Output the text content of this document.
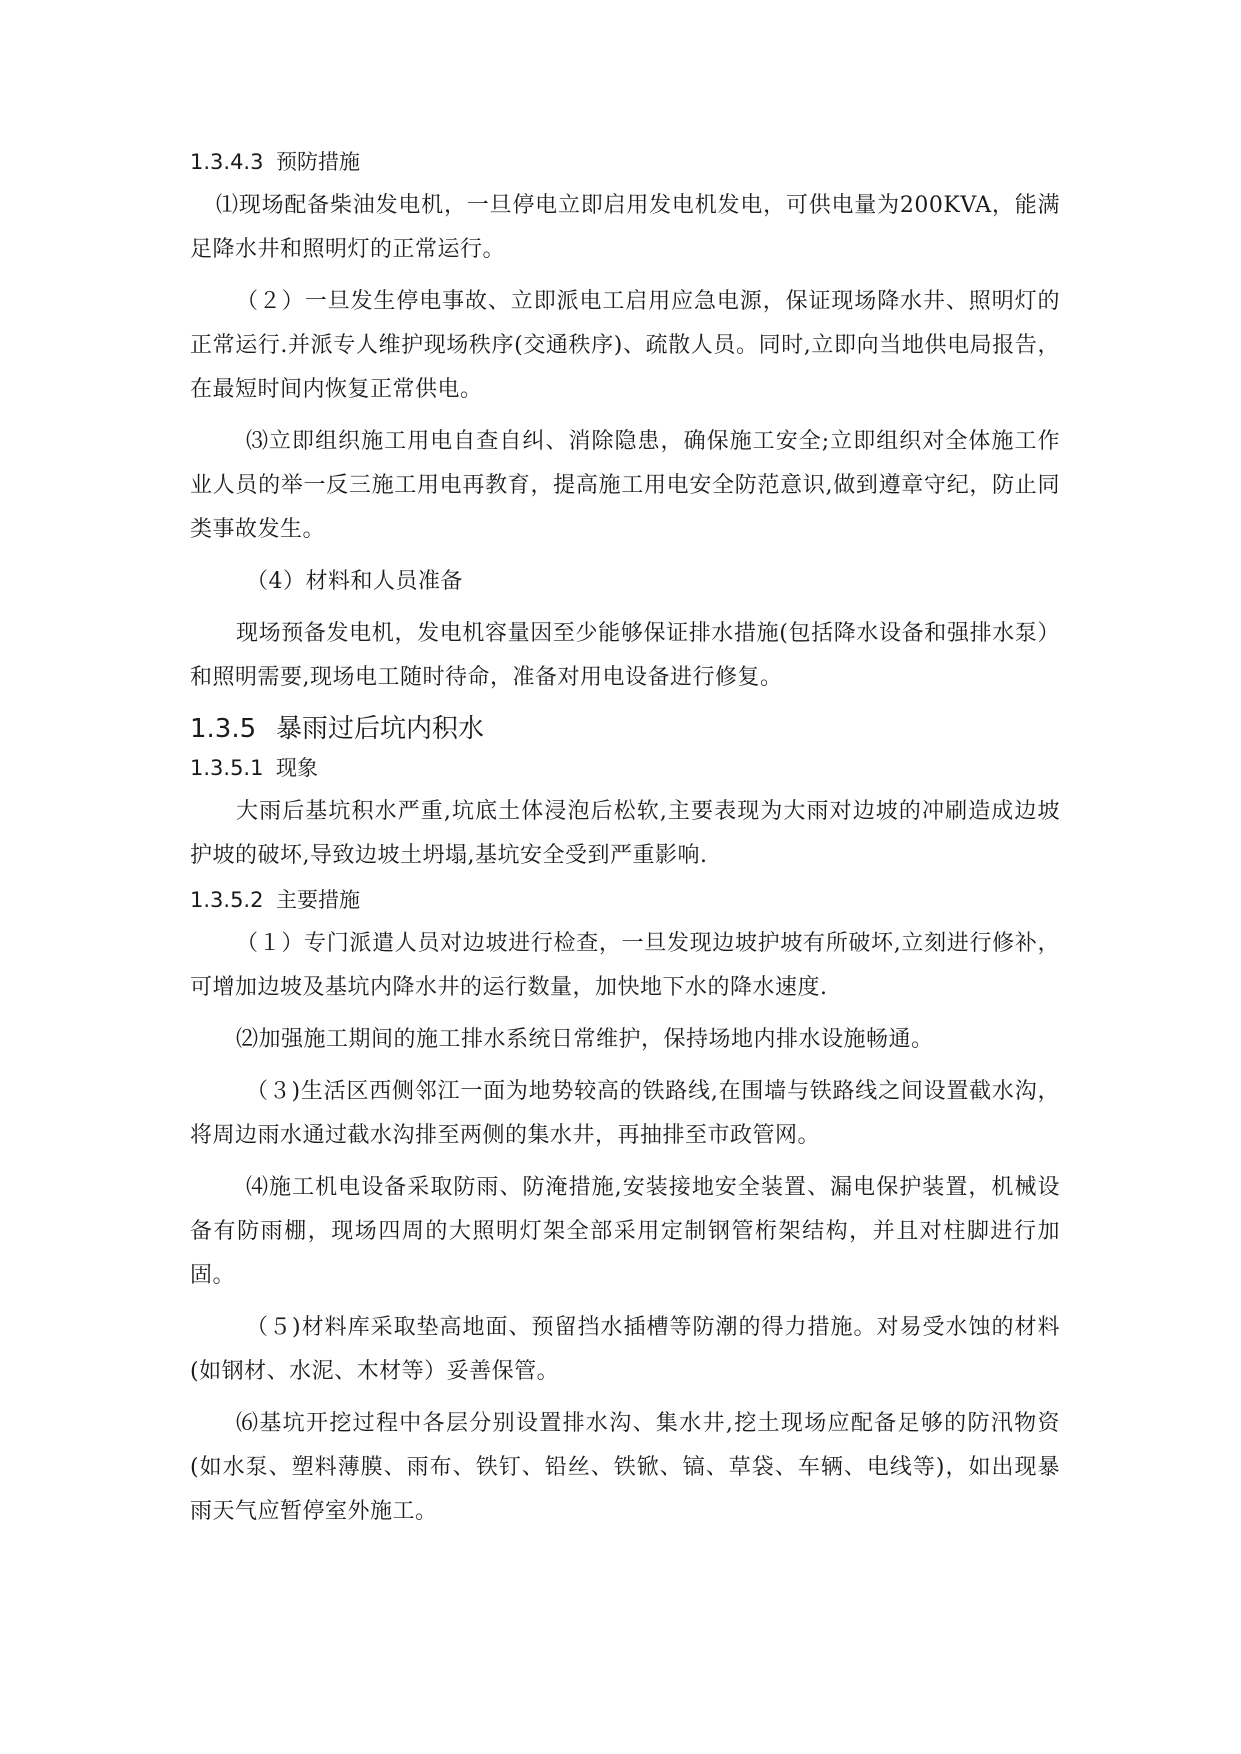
1.3.4.3 预防措施

⑴现场配备柴油发电机，一旦停电立即启用发电机发电，可供电量为200KVA，能满足降水井和照明灯的正常运行。

（２）一旦发生停电事故、立即派电工启用应急电源，保证现场降水井、照明灯的正常运行.并派专人维护现场秩序(交通秩序)、疏散人员。同时,立即向当地供电局报告，在最短时间内恢复正常供电。

⑶立即组织施工用电自查自纠、消除隐患，确保施工安全;立即组织对全体施工作业人员的举一反三施工用电再教育，提高施工用电安全防范意识,做到遵章守纪，防止同类事故发生。

（4）材料和人员准备

现场预备发电机，发电机容量因至少能够保证排水措施(包括降水设备和强排水泵）和照明需要,现场电工随时待命，准备对用电设备进行修复。

1.3.5 暴雨过后坑内积水
1.3.5.1 现象

大雨后基坑积水严重,坑底土体浸泡后松软,主要表现为大雨对边坡的冲刷造成边坡护坡的破坏,导致边坡土坍塌,基坑安全受到严重影响.

1.3.5.2 主要措施

（１）专门派遣人员对边坡进行检查，一旦发现边坡护坡有所破坏,立刻进行修补，可增加边坡及基坑内降水井的运行数量，加快地下水的降水速度.

⑵加强施工期间的施工排水系统日常维护，保持场地内排水设施畅通。

（３)生活区西侧邻江一面为地势较高的铁路线,在围墙与铁路线之间设置截水沟，将周边雨水通过截水沟排至两侧的集水井，再抽排至市政管网。

⑷施工机电设备采取防雨、防淹措施,安装接地安全装置、漏电保护装置，机械设备有防雨棚，现场四周的大照明灯架全部采用定制钢管桁架结构，并且对柱脚进行加固。

（５)材料库采取垫高地面、预留挡水插槽等防潮的得力措施。对易受水蚀的材料(如钢材、水泥、木材等）妥善保管。

⑹基坑开挖过程中各层分别设置排水沟、集水井,挖土现场应配备足够的防汛物资(如水泵、塑料薄膜、雨布、铁钉、铅丝、铁锨、镐、草袋、车辆、电线等)，如出现暴雨天气应暂停室外施工。
